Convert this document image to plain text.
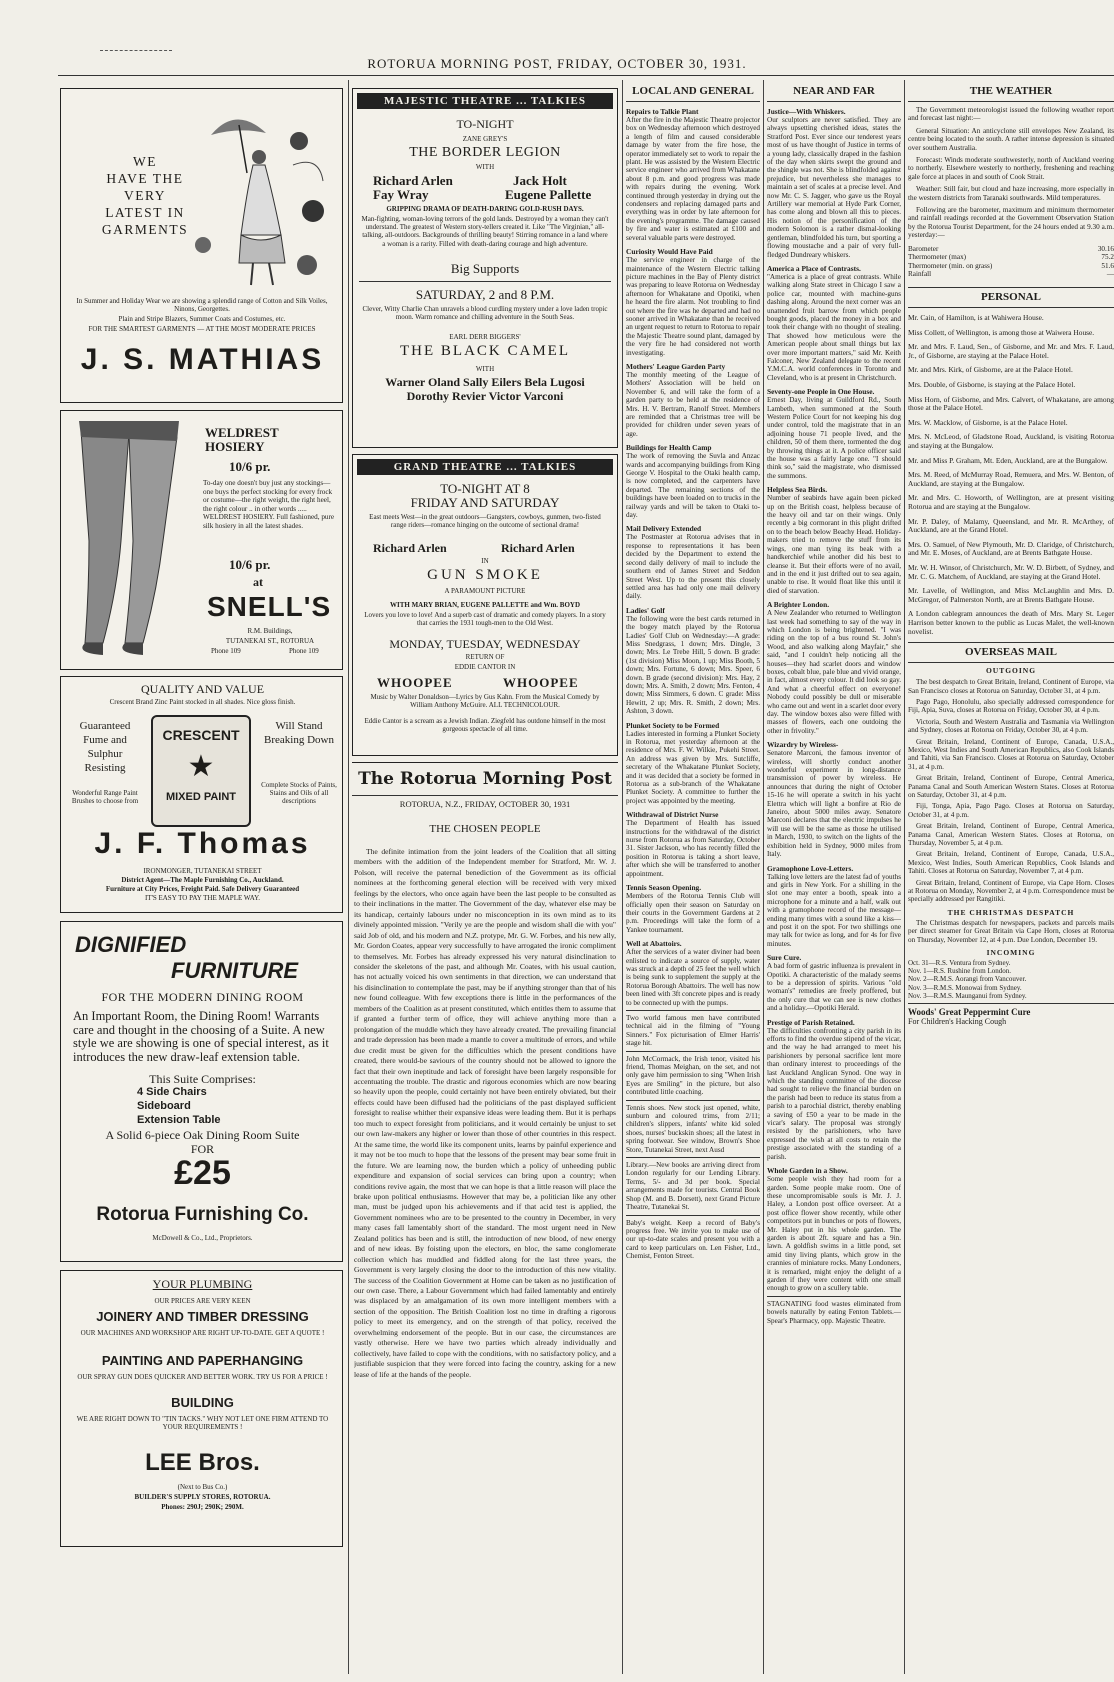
ROTORUA MORNING POST, FRIDAY, OCTOBER 30, 1931.
WE
HAVE THE
VERY
LATEST IN
GARMENTS
In Summer and Holiday Wear we are showing a splendid range of Cotton and Silk Voiles, Ninons, Georgettes.
Plain and Stripe Blazers, Summer Coats and Costumes, etc.
FOR THE SMARTEST GARMENTS — AT THE MOST MODERATE PRICES
J. S. MATHIAS
WELDREST
HOSIERY
10/6 pr.
To-day one doesn't buy just any stockings—one buys the perfect stocking for every frock or costume—the right weight, the right heel, the right colour .. in other words ..... WELDREST HOSIERY. Full fashioned, pure silk hosiery in all the latest shades.
10/6 pr.
at
SNELL'S
R.M. Buildings,
TUTANEKAI ST., ROTORUA
Phone 109	Phone 109
QUALITY AND VALUE
Crescent Brand Zinc Paint stocked in all shades. Nice gloss finish.
Guaranteed Fume and Sulphur Resisting
Wonderful Range Paint Brushes to choose from
CRESCENT
★
MIXED PAINT
Will Stand Breaking Down
Complete Stocks of Paints, Stains and Oils of all descriptions
J. F. Thomas
IRONMONGER, TUTANEKAI STREET
District Agent—The Maple Furnishing Co., Auckland.
Furniture at City Prices, Freight Paid. Safe Delivery Guaranteed
IT'S EASY TO PAY THE MAPLE WAY.
DIGNIFIED
FURNITURE
FOR THE MODERN DINING ROOM
An Important Room, the Dining Room! Warrants care and thought in the choosing of a Suite. A new style we are showing is one of special interest, as it introduces the new draw-leaf extension table.
This Suite Comprises:
4 Side Chairs
Sideboard
Extension Table
A Solid 6-piece Oak Dining Room Suite
FOR
£25
Rotorua Furnishing Co.
McDowell & Co., Ltd., Proprietors.
YOUR PLUMBING
OUR PRICES ARE VERY KEEN
JOINERY AND TIMBER DRESSING
OUR MACHINES AND WORKSHOP ARE RIGHT UP-TO-DATE. GET A QUOTE !
PAINTING AND PAPERHANGING
OUR SPRAY GUN DOES QUICKER AND BETTER WORK. TRY US FOR A PRICE !
BUILDING
WE ARE RIGHT DOWN TO "TIN TACKS." WHY NOT LET ONE FIRM ATTEND TO YOUR REQUIREMENTS !
LEE Bros.
(Next to Bus Co.)
BUILDER'S SUPPLY STORES, ROTORUA.
Phones: 290J; 290K; 290M.
MAJESTIC THEATRE ... TALKIES
TO-NIGHT
ZANE GREY'S
THE BORDER LEGION
WITH
Richard Arlen	Jack Holt
Fay Wray	Eugene Pallette
GRIPPING DRAMA OF DEATH-DARING GOLD-RUSH DAYS.
Man-fighting, woman-loving terrors of the gold lands. Destroyed by a woman they can't understand. The greatest of Western story-tellers created it. Like "The Virginian," all-talking, all-outdoors. Backgrounds of thrilling beauty! Stirring romance in a land where a woman is a rarity. Filled with death-daring courage and high adventure.
Big Supports
SATURDAY, 2 and 8 P.M.
Clever, Witty Charlie Chan unravels a blood curdling mystery under a love laden tropic moon. Warm romance and chilling adventure in the South Seas.
EARL DERR BIGGERS'
THE BLACK CAMEL
WITH
Warner Oland Sally Eilers Bela Lugosi
Dorothy Revier Victor Varconi
GRAND THEATRE ... TALKIES
TO-NIGHT AT 8
FRIDAY AND SATURDAY
East meets West—in the great outdoors—Gangsters, cowboys, gunmen, two-fisted range riders—romance hinging on the outcome of sectional drama!
Richard Arlen	Richard Arlen
IN
GUN SMOKE
A PARAMOUNT PICTURE
WITH MARY BRIAN, EUGENE PALLETTE and Wm. BOYD
Lovers you love to love! And a superb cast of dramatic and comedy players. In a story that carries the 1931 tough-men to the Old West.
MONDAY, TUESDAY, WEDNESDAY
RETURN OF
EDDIE CANTOR IN
WHOOPEE	WHOOPEE
Music by Walter Donaldson—Lyrics by Gus Kahn. From the Musical Comedy by William Anthony McGuire. ALL TECHNICOLOUR.
Eddie Cantor is a scream as a Jewish Indian. Ziegfeld has outdone himself in the most gorgeous spectacle of all time.
The Rotorua Morning Post
ROTORUA, N.Z., FRIDAY, OCTOBER 30, 1931
THE CHOSEN PEOPLE
The definite intimation from the joint leaders of the Coalition that all sitting members with the addition of the Independent member for Stratford, Mr. W. J. Polson, will receive the paternal benediction of the Government as its official nominees at the forthcoming general election will be received with very mixed feelings by the electors, who once again have been the last people to be consulted as to their inclinations in the matter. The Government of the day, whatever else may be its handicap, certainly labours under no misconception in its own mind as to its divinely appointed mission. "Verily ye are the people and wisdom shall die with you" said Job of old, and his modern and N.Z. protype, Mr. G. W. Forbes, and his new ally, Mr. Gordon Coates, appear very successfully to have arrogated the ironic compliment to themselves. Mr. Forbes has already expressed his very natural disinclination to consider the skeletons of the past, and although Mr. Coates, with his usual caution, has not actually voiced his own sentiments in that direction, we can understand that his disinclination to contemplate the past, may be if anything stronger than that of his new found colleague. With few exceptions there is little in the performances of the members of the Coalition as at present constituted, which entitles them to assume that if granted a further term of office, they will achieve anything more than a prolongation of the muddle which they have already created. The prevailing financial and trade depression has been made a mantle to cover a multitude of errors, and while due credit must be given for the difficulties which the present conditions have created, there would-be saviours of the country should not be allowed to ignore the fact that their own ineptitude and lack of foresight have been largely responsible for accentuating the trouble. The drastic and rigorous economies which are now bearing so heavily upon the people, could certainly not have been entirely obviated, but their effects could have been diffused had the politicians of the past displayed sufficient foresight to realise whither their expansive ideas were leading them. But it is perhaps too much to expect foresight from politicians, and it would certainly be unjust to set our own law-makers any higher or lower than those of other countries in this respect. At the same time, the world like its component units, learns by painful experience and it may not be too much to hope that the lessons of the present may bear some fruit in the future. We are learning now, the burden which a policy of unheeding public expenditure and expansion of social services can bring upon a country; when conditions revive again, the most that we can hope is that a little reason will place the brake upon political enthusiasms. However that may be, a politician like any other man, must be judged upon his achievements and if that acid test is applied, the Government nominees who are to be presented to the country in December, in very many cases fall lamentably short of the standard. The most urgent need in New Zealand politics has been and is still, the introduction of new blood, of new energy and of new ideas. By foisting upon the electors, en bloc, the same conglomerate collection which has muddled and fiddled along for the last three years, the Government is very largely closing the door to the introduction of this new vitality. The success of the Coalition Government at Home can be taken as no justification of our own case. There, a Labour Government which had failed lamentably and entirely was displaced by an amalgamation of its own more intelligent members with a section of the opposition. The British Coalition lost no time in drafting a rigorous policy to meet its emergency, and on the strength of that policy, received the overwhelming endorsement of the people. But in our case, the circumstances are vastly otherwise. Here we have two parties which already individually and collectively, have failed to cope with the conditions, with no satisfactory policy, and a justifiable suspicion that they were forced into facing the country, asking for a new lease of life at the hands of the people.
LOCAL AND GENERAL
Repairs to Talkie Plant
After the fire in the Majestic Theatre projector box on Wednesday afternoon which destroyed a length of film and caused considerable damage by water from the fire hose, the operator immediately set to work to repair the plant. He was assisted by the Western Electric service engineer who arrived from Whakatane about 8 p.m. and good progress was made with repairs during the evening. Work continued through yesterday in drying out the condensers and replacing damaged parts and everything was in order by late afternoon for the evening's programme. The damage caused by fire and water is estimated at £100 and several valuable parts were destroyed.
Curiosity Would Have Paid
The service engineer in charge of the maintenance of the Western Electric talking picture machines in the Bay of Plenty district was preparing to leave Rotorua on Wednesday afternoon for Whakatane and Opotiki, when he heard the fire alarm. Not troubling to find out where the fire was he departed and had no sooner arrived in Whakatane than he received an urgent request to return to Rotorua to repair the Majestic Theatre sound plant, damaged by the very fire he had considered not worth investigating.
Mothers' League Garden Party
The monthly meeting of the League of Mothers' Association will be held on November 6, and will take the form of a garden party to be held at the residence of Mrs. H. V. Bertram, Ranolf Street. Members are reminded that a Christmas tree will be provided for children under seven years of age.
Buildings for Health Camp
The work of removing the Suvla and Anzac wards and accompanying buildings from King George V. Hospital to the Otaki health camp, is now completed, and the carpenters have departed. The remaining sections of the buildings have been loaded on to trucks in the railway yards and will be taken to Otaki to-day.
Mail Delivery Extended
The Postmaster at Rotorua advises that in response to representations it has been decided by the Department to extend the second daily delivery of mail to include the southern end of James Street and Seddon Street West. Up to the present this closely settled area has had only one mail delivery daily.
Ladies' Golf
The following were the best cards returned in the bogey match played by the Rotorua Ladies' Golf Club on Wednesday:—A grade: Miss Snedgrass, 1 down; Mrs. Dingle, 3 down; Mrs. Le Trebe Hill, 5 down. B grade: (1st division) Miss Moon, 1 up; Miss Booth, 5 down; Mrs. Fortune, 6 down; Mrs. Speer, 6 down. B grade (second division): Mrs. Hay, 2 down; Mrs. A. Smith, 2 down; Mrs. Fenton, 4 down; Miss Simmers, 6 down. C grade: Miss Hewitt, 2 up; Mrs. R. Smith, 2 down; Mrs. Ashton, 3 down.
Plunket Society to be Formed
Ladies interested in forming a Plunket Society in Rotorua, met yesterday afternoon at the residence of Mrs. F. W. Wilkie, Pukehi Street. An address was given by Mrs. Sutcliffe, secretary of the Whakatane Plunket Society, and it was decided that a society be formed in Rotorua as a sub-branch of the Whakatane Plunket Society. A committee to further the project was appointed by the meeting.
Withdrawal of District Nurse
The Department of Health has issued instructions for the withdrawal of the district nurse from Rotorua as from Saturday, October 31. Sister Jackson, who has recently filled the position in Rotorua is taking a short leave, after which she will be transferred to another appointment.
Tennis Season Opening.
Members of the Rotorua Tennis Club will officially open their season on Saturday on their courts in the Government Gardens at 2 p.m. Proceedings will take the form of a Yankee tournament.
Well at Abattoirs.
After the services of a water diviner had been enlisted to indicate a source of supply, water was struck at a depth of 25 feet the well which is being sunk to supplement the supply at the Rotorua Borough Abattoirs. The well has now been lined with 3ft concrete pipes and is ready to be connected up with the pumps.
Two world famous men have contributed technical aid in the filming of "Young Sinners." Fox picturisation of Elmer Harris' stage hit.
John McCormack, the Irish tenor, visited his friend, Thomas Meighan, on the set, and not only gave him permission to sing "When Irish Eyes are Smiling" in the picture, but also contributed little coaching.
Tennis shoes. New stock just opened, white, sunburn and coloured trims, from 2/11; children's slippers, infants' white kid soled shoes, nurses' buckskin shoes; all the latest in spring footwear. See window, Brown's Shoe Store, Tutanekai Street, next Ausd
Library.—New books are arriving direct from London regularly for our Lending Library. Terms, 5/- and 3d per book. Special arrangements made for tourists. Central Book Shop (M. and B. Dorsett), next Grand Picture Theatre, Tutanekai St.
Baby's weight. Keep a record of Baby's progress free. We invite you to make use of our up-to-date scales and present you with a card to keep particulars on. Len Fisher, Ltd., Chemist, Fenton Street.
NEAR AND FAR
Justice—With Whiskers.
Our sculptors are never satisfied. They are always upsetting cherished ideas, states the Stratford Post. Ever since our tenderest years most of us have thought of Justice in terms of a young lady, classically draped in the fashion of the day when skirts swept the ground and the shingle was not. She is blindfolded against prejudice, but nevertheless she manages to maintain a set of scales at a precise level. And now Mr. C. S. Jagger, who gave us the Royal Artillery war memorial at Hyde Park Corner, has come along and blown all this to pieces. His notion of the personification of the modern Solomon is a rather dismal-looking gentleman, blindfolded his turn, but sporting a flowing moustache and a pair of very full-fledged Dundreary whiskers.
America a Place of Contrasts.
"America is a place of great contrasts. While walking along State street in Chicago I saw a police car, mounted with machine-guns dashing along. Around the next corner was an unattended fruit barrow from which people bought goods, placed the money in a box and took their change with no thought of stealing. That showed how meticulous were the American people about small things but lax over more important matters," said Mr. Keith Falconer, New Zealand delegate to the recent Y.M.C.A. world conferences in Toronto and Cleveland, who is at present in Christchurch.
Seventy-one People in One House.
Ernest Day, living at Guildford Rd., South Lambeth, when summoned at the South Western Police Court for not keeping his dog under control, told the magistrate that in an adjoining house 71 people lived, and the children, 50 of them there, tormented the dog by throwing things at it. A police officer said the house was a fairly large one. "I should think so," said the magistrate, who dismissed the summons.
Helpless Sea Birds.
Number of seabirds have again been picked up on the British coast, helpless because of the heavy oil and tar on their wings. Only recently a big cormorant in this plight drifted on to the beach below Beachy Head. Holiday-makers tried to remove the stuff from its wings, one man tying its beak with a handkerchief while another did his best to cleanse it. But their efforts were of no avail, and in the end it just drifted out to sea again, unable to rise. It would float like this until it died of starvation.
A Brighter London.
A New Zealander who returned to Wellington last week had something to say of the way in which London is being brightened. "I was riding on the top of a bus round St. John's Wood, and also walking along Mayfair," she said, "and I couldn't help noticing all the houses—they had scarlet doors and window boxes, cobalt blue, pale blue and vivid orange, in fact, almost every colour. It did look so gay. And what a cheerful effect on everyone! Nobody could possibly be dull or miserable who came out and went in a scarlet door every day. The window boxes also were filled with masses of flowers, each one outdoing the other in frivolity."
Wizardry by Wireless-
Senatore Marconi, the famous inventor of wireless, will shortly conduct another wonderful experiment in long-distance transmission of power by wireless. He announces that during the night of October 15-16 he will operate a switch in his yacht Elettra which will light a bonfire at Rio de Janeiro, about 5000 miles away. Senatore Marconi declares that the electric impulses he will use will be the same as those he utilised in March, 1930, to switch on the lights of the exhibition held in Sydney, 9000 miles from Italy.
Gramophone Love-Letters.
Talking love letters are the latest fad of youths and girls in New York. For a shilling in the slot one may enter a booth, speak into a microphone for a minute and a half, walk out with a gramophone record of the message—ending many times with a sound like a kiss—and post it on the spot. For two shillings one may talk for twice as long, and for 4s for five minutes.
Sure Cure.
A bad form of gastric influenza is prevalent in Opotiki. A characteristic of the malady seems to be a depression of spirits. Various "old woman's" remedies are freely proffered, but the only cure that we can see is new clothes and a holiday.—Opotiki Herald.
Prestige of Parish Retained.
The difficulties confronting a city parish in its efforts to find the overdue stipend of the vicar, and the way he had arranged to meet his parishioners by personal sacrifice lent more than ordinary interest to proceedings of the last Auckland Anglican Synod. One way in which the standing committee of the diocese had sought to relieve the financial burden on the parish had been to reduce its status from a parish to a parochial district, thereby enabling a saving of £50 a year to be made in the vicar's salary. The proposal was strongly resisted by the parishioners, who have expressed the wish at all costs to retain the prestige associated with the standing of a parish.
Whole Garden in a Show.
Some people wish they had room for a garden. Some people make room. One of these uncompromisable souls is Mr. J. J. Haley, a London post office overseer. At a post office flower show recently, while other competitors put in bunches or pots of flowers, Mr. Haley put in his whole garden. The garden is about 2ft. square and has a 9in. lawn. A goldfish swims in a little pond, set amid tiny living plants, which grow in the crannies of miniature rocks. Many Londoners, it is remarked, might enjoy the delight of a garden if they were content with one small enough to grow on a scullery table.
STAGNATING food wastes eliminated from bowels naturally by eating Fenton Tablets.—Spear's Pharmacy, opp. Majestic Theatre.
THE WEATHER
The Government meteorologist issued the following weather report and forecast last night:—
General Situation: An anticyclone still envelopes New Zealand, its centre being located to the south. A rather intense depression is situated over southern Australia.
Forecast: Winds moderate southwesterly, north of Auckland veering to northerly. Elsewhere westerly to northerly, freshening and reaching gale force at places in and south of Cook Strait.
Weather: Still fair, but cloud and haze increasing, more especially in the western districts from Taranaki southwards. Mild temperatures.
Following are the barometer, maximum and minimum thermometer and rainfall readings recorded at the Government Observation Station by the Rotorua Tourist Department, for the 24 hours ended at 9.30 a.m. yesterday:—
Barometer	30.16
Thermometer (max)	75.2
Thermometer (min. on grass)	51.6
Rainfall	—
PERSONAL
Mr. Cain, of Hamilton, is at Wahiwera House.
Miss Collett, of Wellington, is among those at Waiwera House.
Mr. and Mrs. F. Laud, Sen., of Gisborne, and Mr. and Mrs. F. Laud, Jr., of Gisborne, are staying at the Palace Hotel.
Mr. and Mrs. Kirk, of Gisborne, are at the Palace Hotel.
Mrs. Double, of Gisborne, is staying at the Palace Hotel.
Miss Horn, of Gisborne, and Mrs. Calvert, of Whakatane, are among those at the Palace Hotel.
Mrs. W. Macklow, of Gisborne, is at the Palace Hotel.
Mrs. N. McLeod, of Gladstone Road, Auckland, is visiting Rotorua and staying at the Bungalow.
Mr. and Miss P. Graham, Mt. Eden, Auckland, are at the Bungalow.
Mrs. M. Reed, of McMurray Road, Remuera, and Mrs. W. Benton, of Auckland, are staying at the Bungalow.
Mr. and Mrs. C. Howorth, of Wellington, are at present visiting Rotorua and are staying at the Bungalow.
Mr. P. Daley, of Malamy, Queensland, and Mr. R. McArthey, of Auckland, are at the Grand Hotel.
Mrs. O. Samuel, of New Plymouth, Mr. D. Claridge, of Christchurch, and Mr. E. Moses, of Auckland, are at Brents Bathgate House.
Mr. W. H. Winsor, of Christchurch, Mr. W. D. Birbett, of Sydney, and Mr. C. G. Matchem, of Auckland, are staying at the Grand Hotel.
Mr. Lavelle, of Wellington, and Miss McLaughlin and Mrs. D. McGregor, of Palmerston North, are at Brents Bathgate House.
A London cablegram announces the death of Mrs. Mary St. Leger Harrison better known to the public as Lucas Malet, the well-known novelist.
OVERSEAS MAIL
OUTGOING
The best despatch to Great Britain, Ireland, Continent of Europe, via San Francisco closes at Rotorua on Saturday, October 31, at 4 p.m.
Pago Pago, Honolulu, also specially addressed correspondence for Fiji, Apia, Suva, closes at Rotorua on Friday, October 30, at 4 p.m.
Victoria, South and Western Australia and Tasmania via Wellington and Sydney, closes at Rotorua on Friday, October 30, at 4 p.m.
Great Britain, Ireland, Continent of Europe, Canada, U.S.A., Mexico, West Indies and South American Republics, also Cook Islands and Tahiti, via San Francisco. Closes at Rotorua on Saturday, October 31, at 4 p.m.
Great Britain, Ireland, Continent of Europe, Central America, Panama Canal and South American Western States. Closes at Rotorua on Saturday, October 31, at 4 p.m.
Fiji, Tonga, Apia, Pago Pago. Closes at Rotorua on Saturday, October 31, at 4 p.m.
Great Britain, Ireland, Continent of Europe, Central America, Panama Canal, American Western States. Closes at Rotorua, on Thursday, November 5, at 4 p.m.
Great Britain, Ireland, Continent of Europe, Canada, U.S.A., Mexico, West Indies, South American Republics, Cook Islands and Tahiti. Closes at Rotorua on Saturday, November 7, at 4 p.m.
Great Britain, Ireland, Continent of Europe, via Cape Horn. Closes at Rotorua on Monday, November 2, at 4 p.m. Correspondence must be specially addressed per Rangitiki.
THE CHRISTMAS DESPATCH
The Christmas despatch for newspapers, packets and parcels mails per direct steamer for Great Britain via Cape Horn, closes at Rotorua on Thursday, November 12, at 4 p.m. Due London, December 19.
INCOMING
Oct. 31—R.S. Ventura from Sydney.
Nov. 1—R.S. Rushine from London.
Nov. 2—R.M.S. Aorangi from Vancouver.
Nov. 3—R.M.S. Monowai from Sydney.
Nov. 3—R.M.S. Maunganui from Sydney.
Woods' Great Peppermint Cure
For Children's Hacking Cough
